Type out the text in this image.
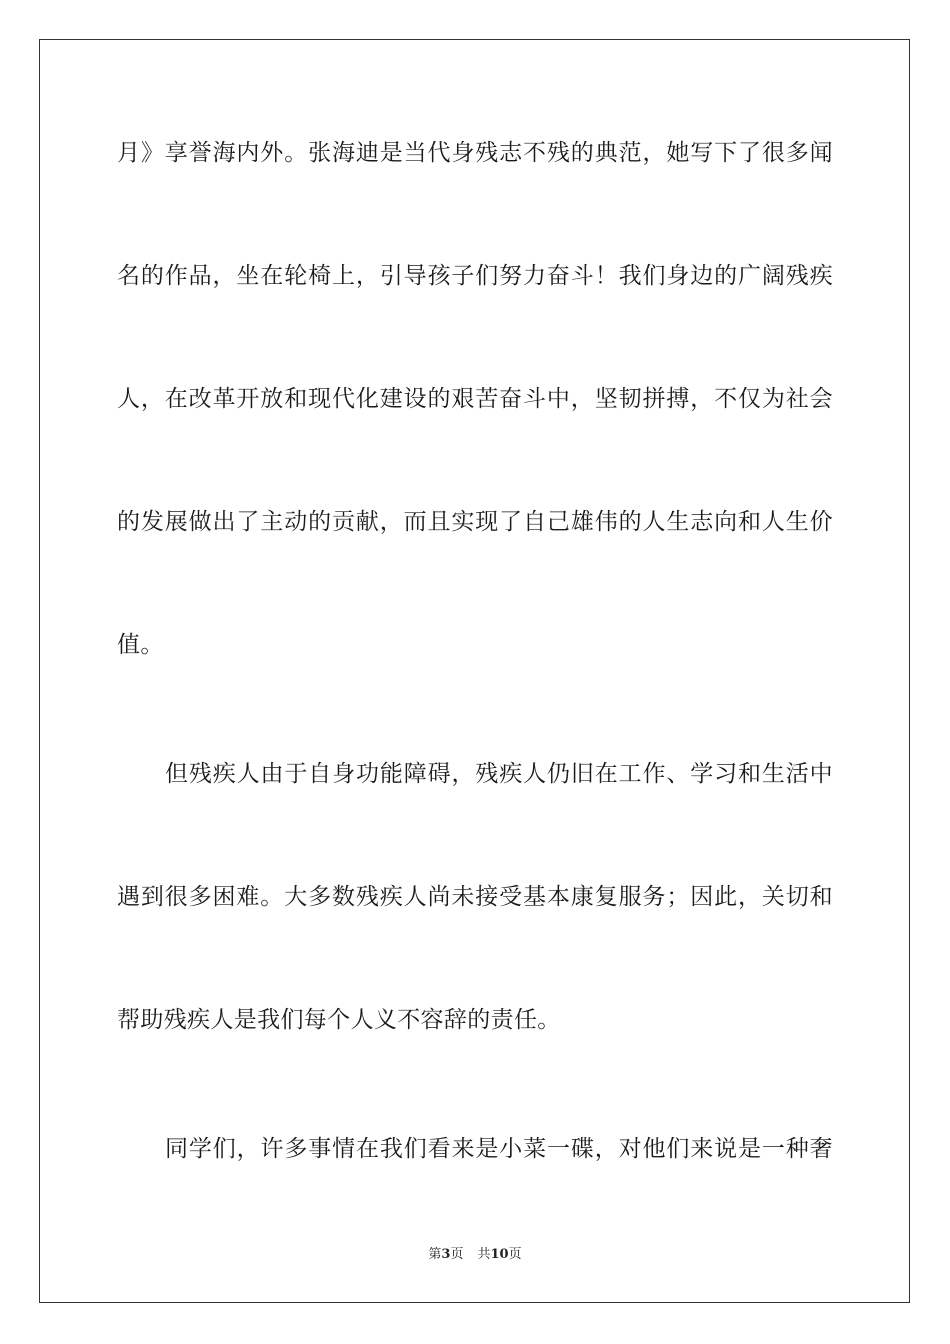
月》享誉海内外。张海迪是当代身残志不残的典范，她写下了很多闻
名的作品，坐在轮椅上，引导孩子们努力奋斗！我们身边的广阔残疾
人，在改革开放和现代化建设的艰苦奋斗中，坚韧拼搏，不仅为社会
的发展做出了主动的贡献，而且实现了自己雄伟的人生志向和人生价
值。
但残疾人由于自身功能障碍，残疾人仍旧在工作、学习和生活中
遇到很多困难。大多数残疾人尚未接受基本康复服务；因此，关切和
帮助残疾人是我们每个人义不容辞的责任。
同学们，许多事情在我们看来是小菜一碟，对他们来说是一种奢
第3页 共10页
